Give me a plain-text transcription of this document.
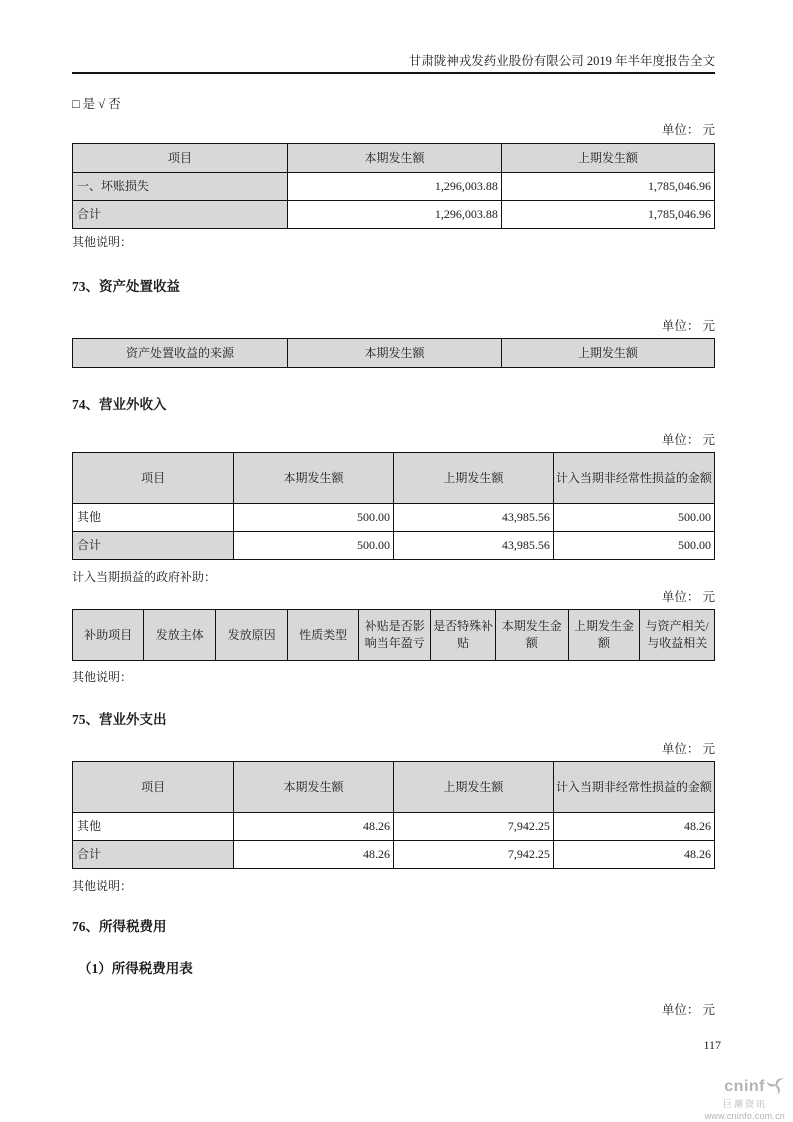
甘肃陇神戎发药业股份有限公司 2019 年半年度报告全文
□ 是 √ 否
单位： 元
项目	本期发生额	上期发生额
一、坏账损失	1,296,003.88	1,785,046.96
合计	1,296,003.88	1,785,046.96
其他说明：
73、资产处置收益
单位： 元
资产处置收益的来源	本期发生额	上期发生额
74、营业外收入
单位： 元
项目	本期发生额	上期发生额	计入当期非经常性损益的金额
其他	500.00	43,985.56	500.00
合计	500.00	43,985.56	500.00
计入当期损益的政府补助：
单位： 元
补助项目	发放主体	发放原因	性质类型	补贴是否影响当年盈亏	是否特殊补贴	本期发生金额	上期发生金额	与资产相关/与收益相关
其他说明：
75、营业外支出
单位： 元
项目	本期发生额	上期发生额	计入当期非经常性损益的金额
其他	48.26	7,942.25	48.26
合计	48.26	7,942.25	48.26
其他说明：
76、所得税费用
（1）所得税费用表
单位： 元
117
cninf
巨潮资讯
www.cninfo.com.cn
